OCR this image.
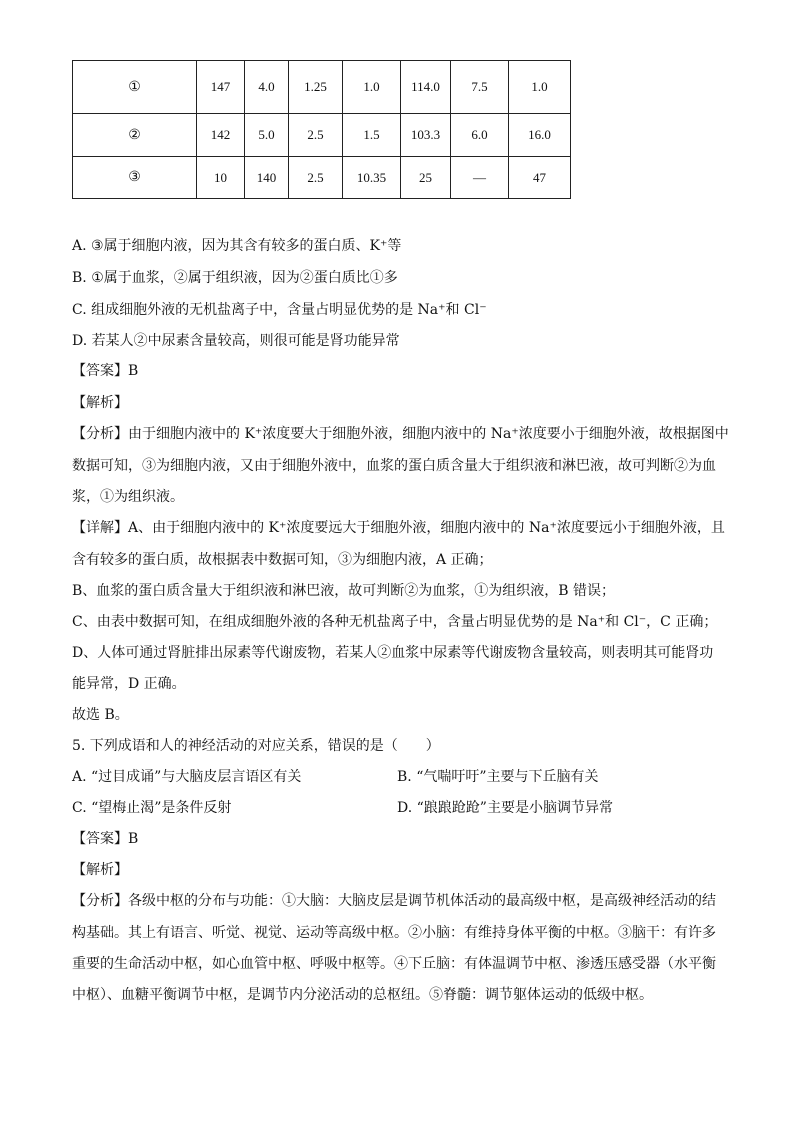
①	147	4.0	1.25	1.0	114.0	7.5	1.0
②	142	5.0	2.5	1.5	103.3	6.0	16.0
③	10	140	2.5	10.35	25	—	47
A. ③属于细胞内液，因为其含有较多的蛋白质、K⁺等
B. ①属于血浆，②属于组织液，因为②蛋白质比①多
C. 组成细胞外液的无机盐离子中，含量占明显优势的是 Na⁺和 Cl⁻
D. 若某人②中尿素含量较高，则很可能是肾功能异常
【答案】B
【解析】
【分析】由于细胞内液中的 K⁺浓度要大于细胞外液，细胞内液中的 Na⁺浓度要小于细胞外液，故根据图中
数据可知，③为细胞内液，又由于细胞外液中，血浆的蛋白质含量大于组织液和淋巴液，故可判断②为血
浆，①为组织液。
【详解】A、由于细胞内液中的 K⁺浓度要远大于细胞外液，细胞内液中的 Na⁺浓度要远小于细胞外液，且
含有较多的蛋白质，故根据表中数据可知，③为细胞内液，A 正确；
B、血浆的蛋白质含量大于组织液和淋巴液，故可判断②为血浆，①为组织液，B 错误；
C、由表中数据可知，在组成细胞外液的各种无机盐离子中，含量占明显优势的是 Na⁺和 Cl⁻，C 正确；
D、人体可通过肾脏排出尿素等代谢废物，若某人②血浆中尿素等代谢废物含量较高，则表明其可能肾功
能异常，D 正确。
故选 B。
5. 下列成语和人的神经活动的对应关系，错误的是（　　）
A. “过目成诵”与大脑皮层言语区有关	B. “气喘吁吁”主要与下丘脑有关
C. “望梅止渴”是条件反射	D. “踉踉跄跄”主要是小脑调节异常
【答案】B
【解析】
【分析】各级中枢的分布与功能：①大脑：大脑皮层是调节机体活动的最高级中枢，是高级神经活动的结
构基础。其上有语言、听觉、视觉、运动等高级中枢。②小脑：有维持身体平衡的中枢。③脑干：有许多
重要的生命活动中枢，如心血管中枢、呼吸中枢等。④下丘脑：有体温调节中枢、渗透压感受器（水平衡
中枢）、血糖平衡调节中枢，是调节内分泌活动的总枢纽。⑤脊髓：调节躯体运动的低级中枢。
